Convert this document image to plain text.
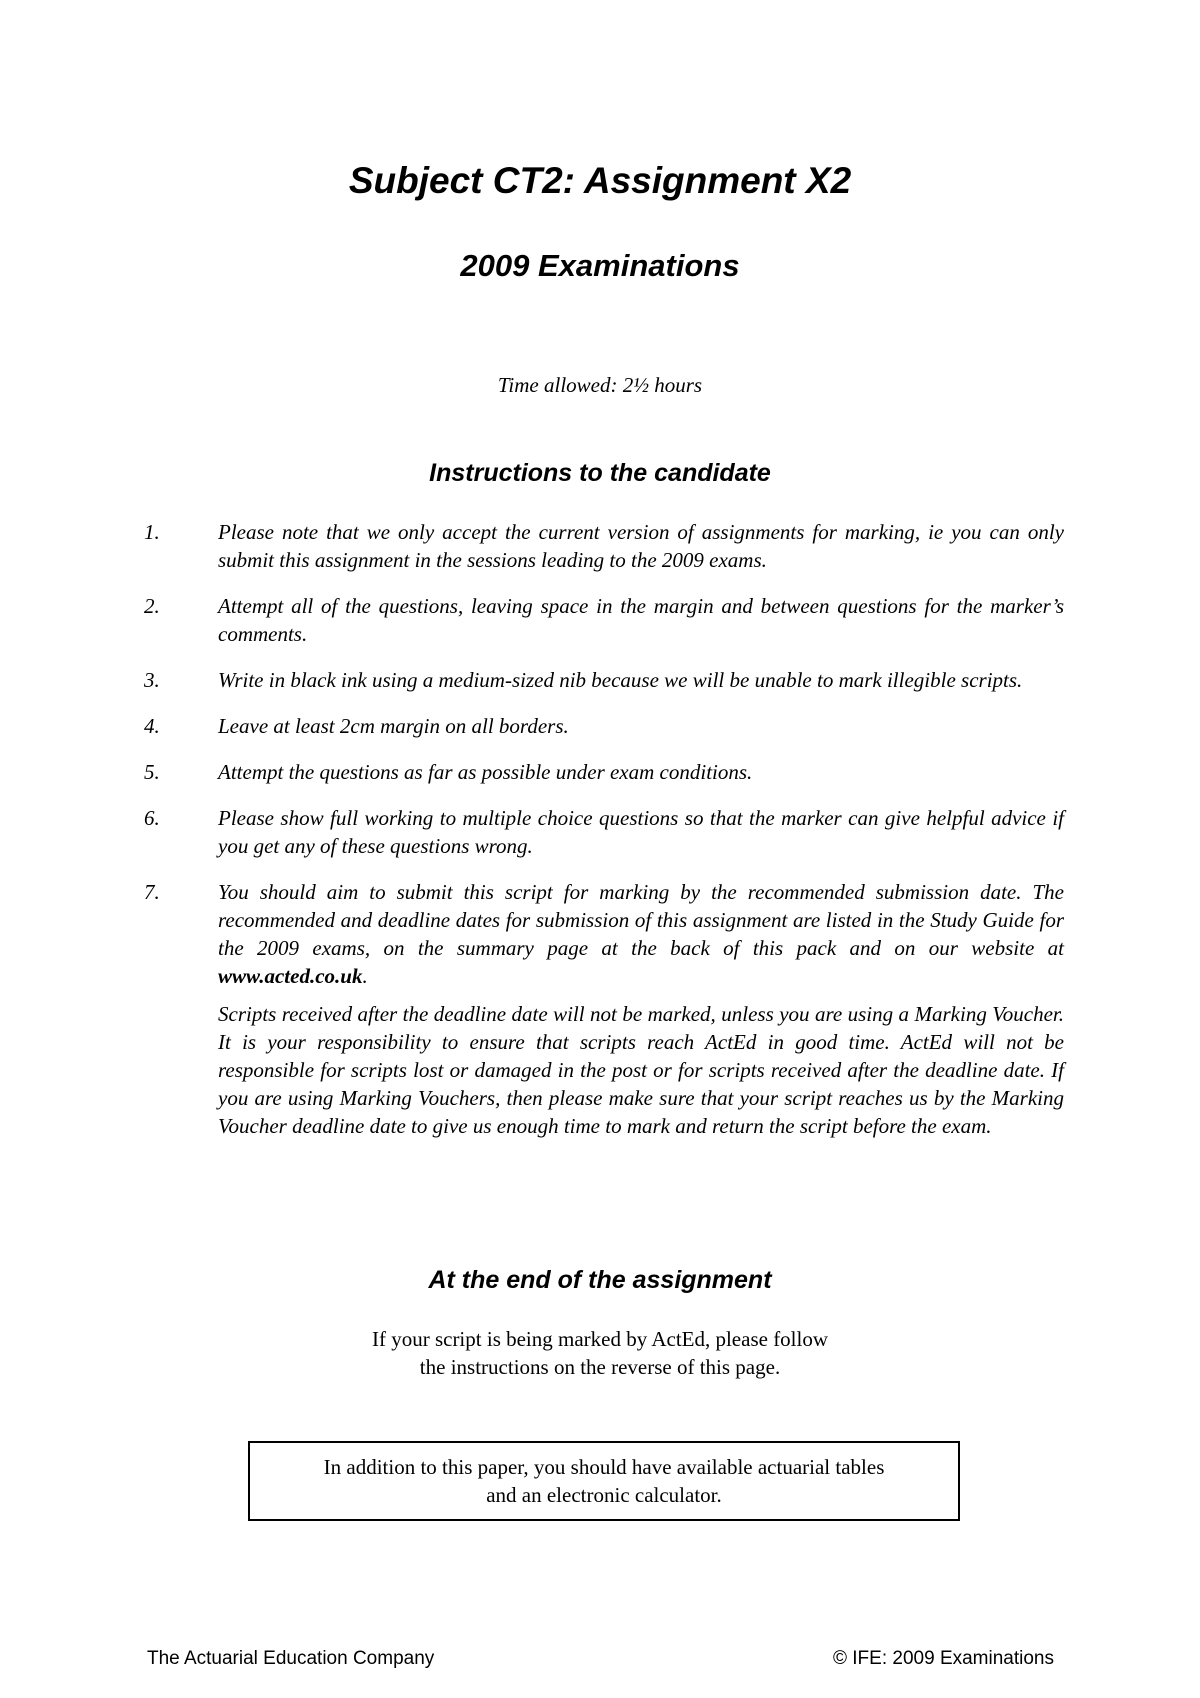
Subject CT2: Assignment X2
2009 Examinations
Time allowed: 2½ hours
Instructions to the candidate
1.	Please note that we only accept the current version of assignments for marking, ie you can only submit this assignment in the sessions leading to the 2009 exams.
2.	Attempt all of the questions, leaving space in the margin and between questions for the marker’s comments.
3.	Write in black ink using a medium-sized nib because we will be unable to mark illegible scripts.
4.	Leave at least 2cm margin on all borders.
5.	Attempt the questions as far as possible under exam conditions.
6.	Please show full working to multiple choice questions so that the marker can give helpful advice if you get any of these questions wrong.
7.	You should aim to submit this script for marking by the recommended submission date. The recommended and deadline dates for submission of this assignment are listed in the Study Guide for the 2009 exams, on the summary page at the back of this pack and on our website at www.acted.co.uk.
Scripts received after the deadline date will not be marked, unless you are using a Marking Voucher. It is your responsibility to ensure that scripts reach ActEd in good time. ActEd will not be responsible for scripts lost or damaged in the post or for scripts received after the deadline date. If you are using Marking Vouchers, then please make sure that your script reaches us by the Marking Voucher deadline date to give us enough time to mark and return the script before the exam.
At the end of the assignment
If your script is being marked by ActEd, please follow
the instructions on the reverse of this page.
In addition to this paper, you should have available actuarial tables
and an electronic calculator.
The Actuarial Education Company	© IFE: 2009 Examinations
